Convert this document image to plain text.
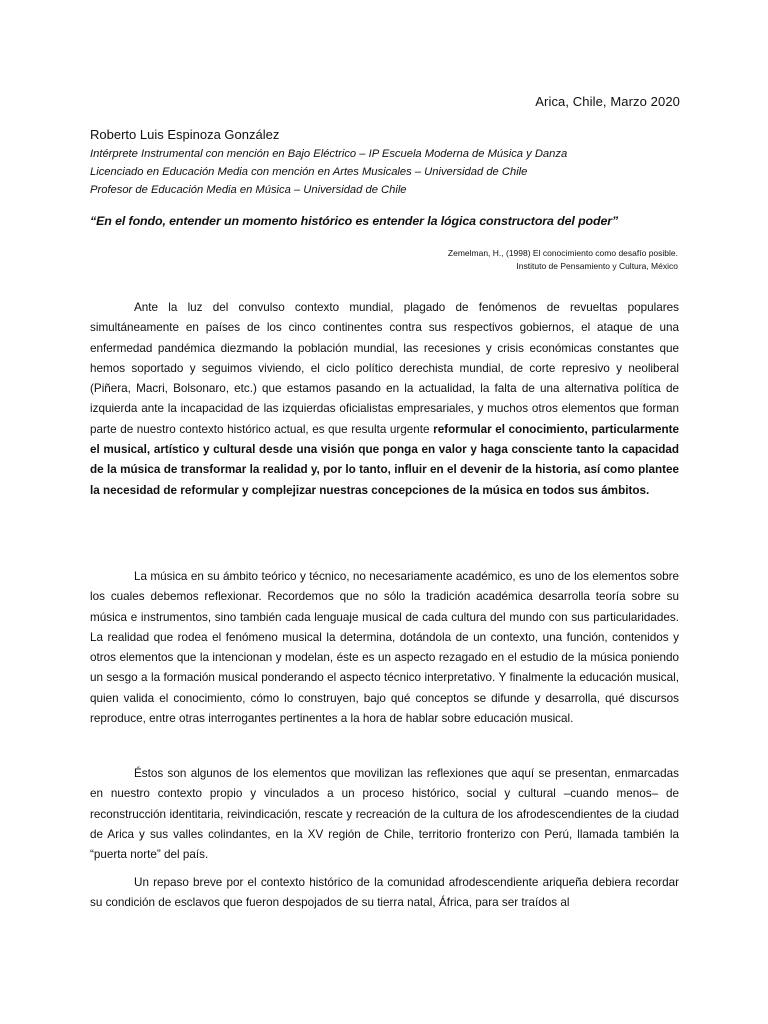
Arica, Chile, Marzo 2020
Roberto Luis Espinoza González

Intérprete Instrumental con mención en Bajo Eléctrico – IP Escuela Moderna de Música y Danza

Licenciado en Educación Media con mención en Artes Musicales – Universidad de Chile

Profesor de Educación Media en Música – Universidad de Chile

“En el fondo, entender un momento histórico es entender la lógica constructora del poder”
Zemelman, H., (1998) El conocimiento como desafío posible.
Instituto de Pensamiento y Cultura, México

Ante la luz del convulso contexto mundial, plagado de fenómenos de revueltas populares simultáneamente en países de los cinco continentes contra sus respectivos gobiernos, el ataque de una enfermedad pandémica diezmando la población mundial, las recesiones y crisis económicas constantes que hemos soportado y seguimos viviendo, el ciclo político derechista mundial, de corte represivo y neoliberal (Piñera, Macri, Bolsonaro, etc.) que estamos pasando en la actualidad, la falta de una alternativa política de izquierda ante la incapacidad de las izquierdas oficialistas empresariales, y muchos otros elementos que forman parte de nuestro contexto histórico actual, es que resulta urgente reformular el conocimiento, particularmente el musical, artístico y cultural desde una visión que ponga en valor y haga consciente tanto la capacidad de la música de transformar la realidad y, por lo tanto, influir en el devenir de la historia, así como plantee la necesidad de reformular y complejizar nuestras concepciones de la música en todos sus ámbitos.

La música en su ámbito teórico y técnico, no necesariamente académico, es uno de los elementos sobre los cuales debemos reflexionar. Recordemos que no sólo la tradición académica desarrolla teoría sobre su música e instrumentos, sino también cada lenguaje musical de cada cultura del mundo con sus particularidades. La realidad que rodea el fenómeno musical la determina, dotándola de un contexto, una función, contenidos y otros elementos que la intencionan y modelan, éste es un aspecto rezagado en el estudio de la música poniendo un sesgo a la formación musical ponderando el aspecto técnico interpretativo. Y finalmente la educación musical, quien valida el conocimiento, cómo lo construyen, bajo qué conceptos se difunde y desarrolla, qué discursos reproduce, entre otras interrogantes pertinentes a la hora de hablar sobre educación musical.

Éstos son algunos de los elementos que movilizan las reflexiones que aquí se presentan, enmarcadas en nuestro contexto propio y vinculados a un proceso histórico, social y cultural –cuando menos– de reconstrucción identitaria, reivindicación, rescate y recreación de la cultura de los afrodescendientes de la ciudad de Arica y sus valles colindantes, en la XV región de Chile, territorio fronterizo con Perú, llamada también la “puerta norte” del país.

Un repaso breve por el contexto histórico de la comunidad afrodescendiente ariqueña debiera recordar su condición de esclavos que fueron despojados de su tierra natal, África, para ser traídos al
